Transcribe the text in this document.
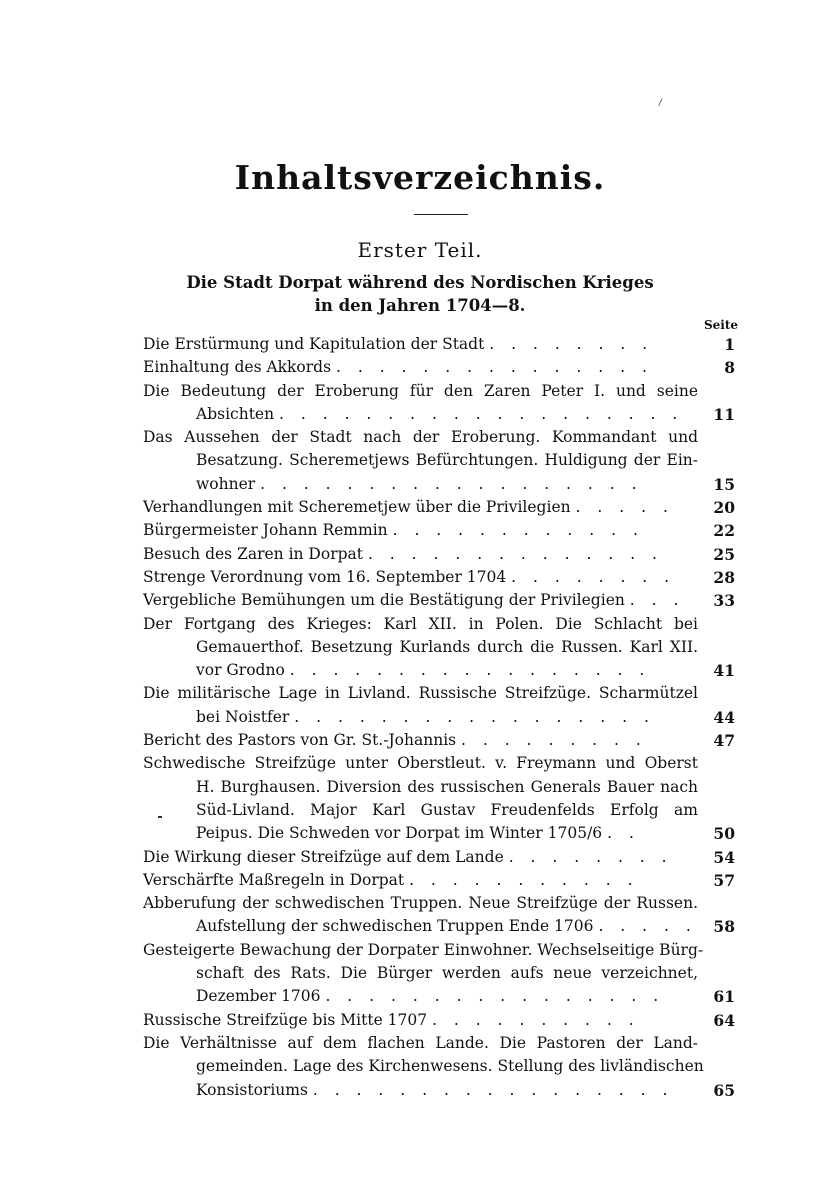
Inhaltsverzeichnis.
Erster Teil.
Die Stadt Dorpat während des Nordischen Krieges
in den Jahren 1704—8.
Seite
Die Erstürmung und Kapitulation der Stadt . . . . . . . .	1
Einhaltung des Akkords . . . . . . . . . . . . . . .	8
Die Bedeutung der Eroberung für den Zaren Peter I. und seine
Absichten . . . . . . . . . . . . . . . . . . . 11
Das Aussehen der Stadt nach der Eroberung. Kommandant und
Besatzung. Scheremetjews Befürchtungen. Huldigung der Ein-
wohner . . . . . . . . . . . . . . . . . .	15
Verhandlungen mit Scheremetjew über die Privilegien . . . . .	20
Bürgermeister Johann Remmin . . . . . . . . . . . .	22
Besuch des Zaren in Dorpat . . . . . . . . . . . . . .	25
Strenge Verordnung vom 16. September 1704 . . . . . . . . 28
Vergebliche Bemühungen um die Bestätigung der Privilegien . . . 33
Der Fortgang des Krieges: Karl XII. in Polen. Die Schlacht bei
Gemauerthof. Besetzung Kurlands durch die Russen. Karl XII.
vor Grodno . . . . . . . . . . . . . . . . .	41
Die militärische Lage in Livland. Russische Streifzüge. Scharmützel
bei Noistfer . . . . . . . . . . . . . . . . .	44
Bericht des Pastors von Gr. St.-Johannis . . . . . . . . .	47
Schwedische Streifzüge unter Oberstleut. v. Freymann und Oberst
H. Burghausen. Diversion des russischen Generals Bauer nach
Süd-Livland. Major Karl Gustav Freudenfelds Erfolg am
Peipus. Die Schweden vor Dorpat im Winter 1705/6 . .	50
Die Wirkung dieser Streifzüge auf dem Lande . . . . . . . .	54
Verschärfte Maßregeln in Dorpat . . . . . . . . . . .	57
Abberufung der schwedischen Truppen. Neue Streifzüge der Russen.
Aufstellung der schwedischen Truppen Ende 1706 . . . . . 58
Gesteigerte Bewachung der Dorpater Einwohner. Wechselseitige Bürg-
schaft des Rats. Die Bürger werden aufs neue verzeichnet,
Dezember 1706 . . . . . . . . . . . . . . . .	61
Russische Streifzüge bis Mitte 1707 . . . . . . . . . .	64
Die Verhältnisse auf dem flachen Lande. Die Pastoren der Land-
gemeinden. Lage des Kirchenwesens. Stellung des livländischen
Konsistoriums . . . . . . . . . . . . . . . . .	65
